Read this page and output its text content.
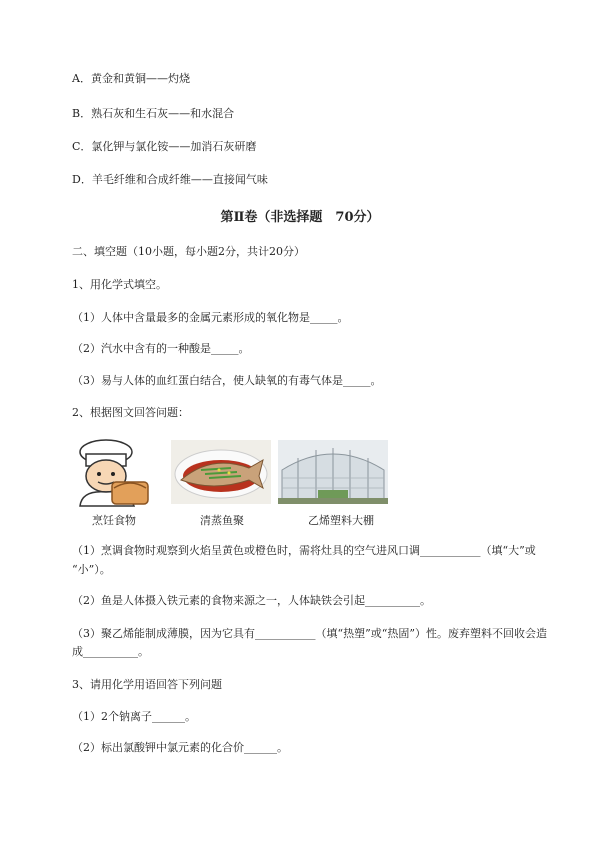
A．黄金和黄铜——灼烧
B．熟石灰和生石灰——和水混合
C．氯化钾与氯化铵——加消石灰研磨
D．羊毛纤维和合成纤维——直接闻气味
第Ⅱ卷（非选择题　70分）
二、填空题（10小题，每小题2分，共计20分）
1、用化学式填空。
（1）人体中含量最多的金属元素形成的氧化物是_____。
（2）汽水中含有的一种酸是_____。
（3）易与人体的血红蛋白结合，使人缺氧的有毒气体是_____。
2、根据图文回答问题：
烹饪食物	清蒸鱼聚	乙烯塑料大棚
（1）烹调食物时观察到火焰呈黄色或橙色时，需将灶具的空气进风口调___________（填“大”或
“小”）。
（2）鱼是人体摄入铁元素的食物来源之一，人体缺铁会引起__________。
（3）聚乙烯能制成薄膜，因为它具有___________（填“热塑”或“热固”）性。废弃塑料不回收会造
成__________。
3、请用化学用语回答下列问题
（1）2个钠离子______。
（2）标出氯酸钾中氯元素的化合价______。
